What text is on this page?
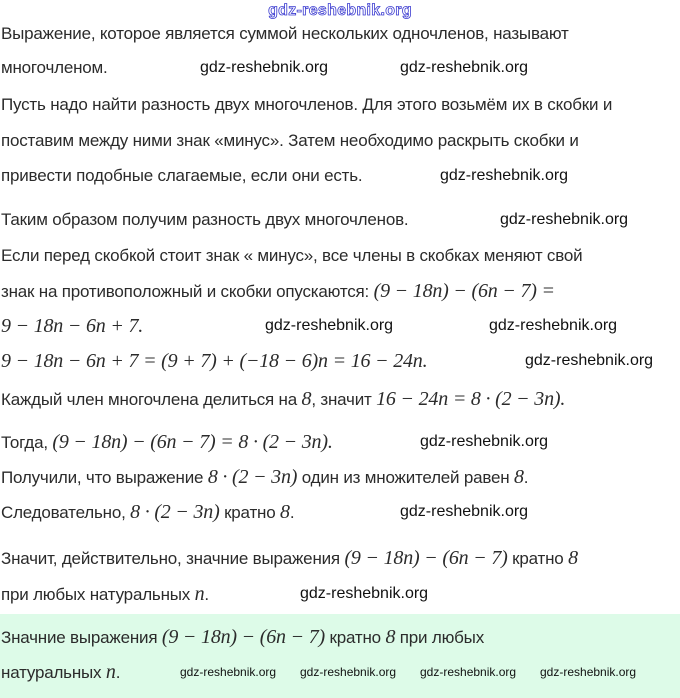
gdz-reshebnik.org
Выражение, которое является суммой нескольких одночленов, называют
многочленом.
Пусть надо найти разность двух многочленов. Для этого возьмём их в скобки и
поставим между ними знак «минус». Затем необходимо раскрыть скобки и
привести подобные слагаемые, если они есть.
Таким образом получим разность двух многочленов.
Если перед скобкой стоит знак « минус», все члены в скобках меняют свой
знак на противоположный и скобки опускаются: (9 − 18n) − (6n − 7) =
9 − 18n − 6n + 7.
9 − 18n − 6n + 7 = (9 + 7) + (−18 − 6)n = 16 − 24n.
Каждый член многочлена делиться на 8, значит 16 − 24n = 8 · (2 − 3n).
Тогда, (9 − 18n) − (6n − 7) = 8 · (2 − 3n).
Получили, что выражение 8 · (2 − 3n) один из множителей равен 8.
Следовательно, 8 · (2 − 3n) кратно 8.
Значит, действительно, значние выражения (9 − 18n) − (6n − 7) кратно 8
при любых натуральных n.
Значние выражения (9 − 18n) − (6n − 7) кратно 8 при любых
натуральных n.
gdz-reshebnik.org	gdz-reshebnik.org
gdz-reshebnik.org
gdz-reshebnik.org
gdz-reshebnik.org	gdz-reshebnik.org
gdz-reshebnik.org
gdz-reshebnik.org
gdz-reshebnik.org
gdz-reshebnik.org
gdz-reshebnik.org gdz-reshebnik.org gdz-reshebnik.org gdz-reshebnik.org
